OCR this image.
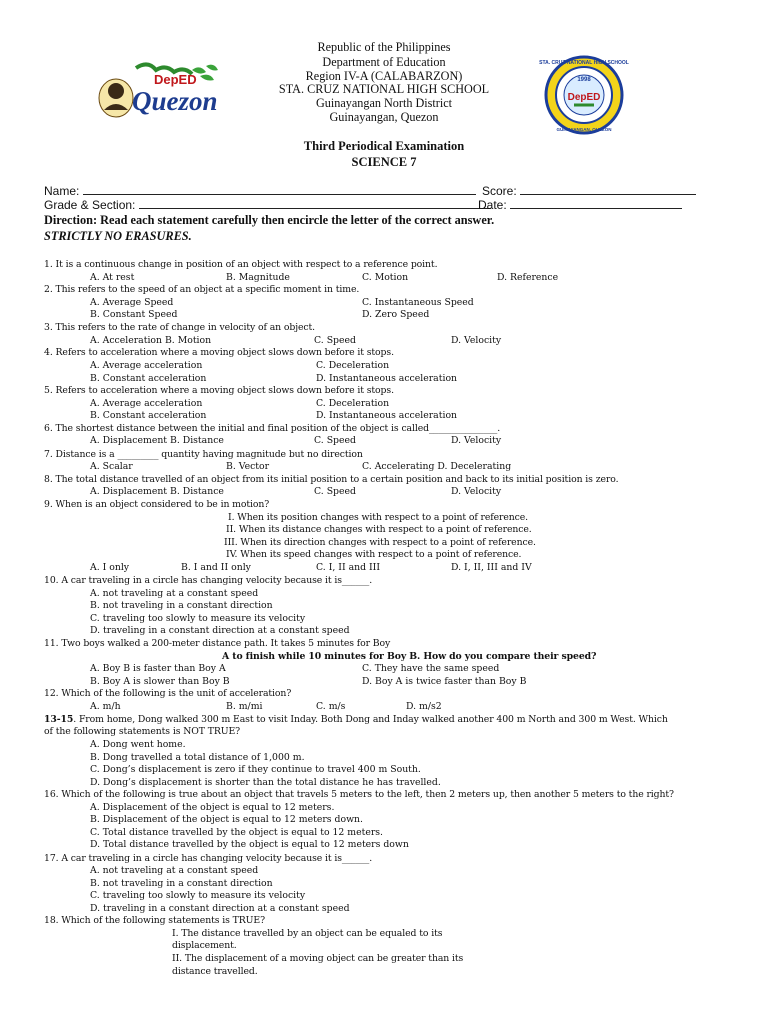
DepED
Quezon
1998
DepED
STA. CRUZ NATIONAL HIGH SCHOOL
GUINAYANGAN, QUEZON
Republic of the Philippines
Department of Education
Region IV-A (CALABARZON)
STA. CRUZ NATIONAL HIGH SCHOOL
Guinayangan North District
Guinayangan, Quezon
Third Periodical Examination
SCIENCE 7
Name:	Score:
Grade & Section:	Date:
Direction: Read each statement carefully then encircle the letter of the correct answer.
STRICTLY NO ERASURES.
1. It is a continuous change in position of an object with respect to a reference point.
A. At rest	B. Magnitude	C. Motion	D. Reference
2. This refers to the speed of an object at a specific moment in time.
A. Average Speed	C. Instantaneous Speed
B. Constant Speed	D. Zero Speed
3. This refers to the rate of change in velocity of an object.
A. Acceleration B. Motion	C. Speed	D. Velocity
4. Refers to acceleration where a moving object slows down before it stops.
A. Average acceleration	C. Deceleration
B. Constant acceleration	D. Instantaneous acceleration
5. Refers to acceleration where a moving object slows down before it stops.
A. Average acceleration	C. Deceleration
B. Constant acceleration	D. Instantaneous acceleration
6. The shortest distance between the initial and final position of the object is called_______________.
A. Displacement B. Distance	C. Speed	D. Velocity
7. Distance is a _________ quantity having magnitude but no direction
A. Scalar	B. Vector	C. Accelerating D. Decelerating
8. The total distance travelled of an object from its initial position to a certain position and back to its initial position is zero.
A. Displacement B. Distance	C. Speed	D. Velocity
9. When is an object considered to be in motion?
I. When its position changes with respect to a point of reference.
II. When its distance changes with respect to a point of reference.
III. When its direction changes with respect to a point of reference.
IV. When its speed changes with respect to a point of reference.
A. I only	B. I and II only	C. I, II and III	D. I, II, III and IV
10. A car traveling in a circle has changing velocity because it is______.
A. not traveling at a constant speed
B. not traveling in a constant direction
C. traveling too slowly to measure its velocity
D. traveling in a constant direction at a constant speed
11. Two boys walked a 200-meter distance path. It takes 5 minutes for Boy
A to finish while 10 minutes for Boy B. How do you compare their speed?
A. Boy B is faster than Boy A	C. They have the same speed
B. Boy A is slower than Boy B	D. Boy A is twice faster than Boy B
12. Which of the following is the unit of acceleration?
A. m/h	B. m/mi	C. m/s	D. m/s2
13-15. From home, Dong walked 300 m East to visit Inday. Both Dong and Inday walked another 400 m North and 300 m West. Which
of the following statements is NOT TRUE?
A. Dong went home.
B. Dong travelled a total distance of 1,000 m.
C. Dong’s displacement is zero if they continue to travel 400 m South.
D. Dong’s displacement is shorter than the total distance he has travelled.
16. Which of the following is true about an object that travels 5 meters to the left, then 2 meters up, then another 5 meters to the right?
A. Displacement of the object is equal to 12 meters.
B. Displacement of the object is equal to 12 meters down.
C. Total distance travelled by the object is equal to 12 meters.
D. Total distance travelled by the object is equal to 12 meters down
17. A car traveling in a circle has changing velocity because it is______.
A. not traveling at a constant speed
B. not traveling in a constant direction
C. traveling too slowly to measure its velocity
D. traveling in a constant direction at a constant speed
18. Which of the following statements is TRUE?
I. The distance travelled by an object can be equaled to its
displacement.
II. The displacement of a moving object can be greater than its
distance travelled.
